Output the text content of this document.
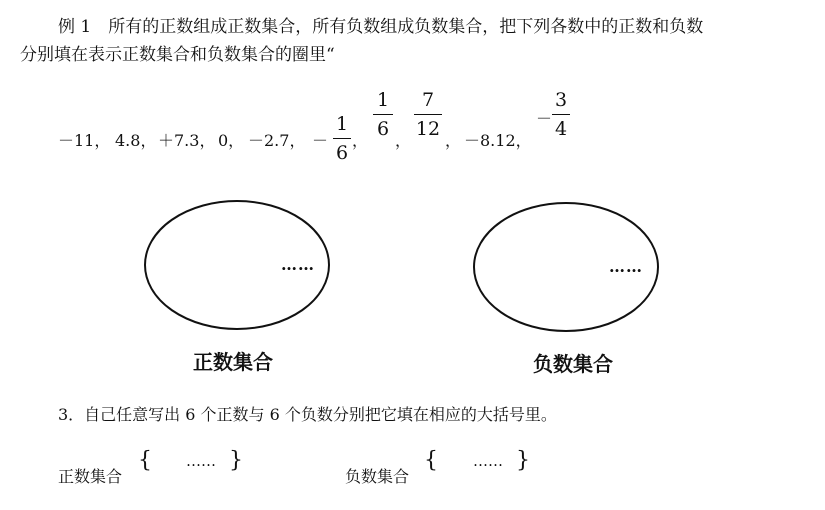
例 1　所有的正数组成正数集合，所有负数组成负数集合，把下列各数中的正数和负数
分别填在表示正数集合和负数集合的圈里“
－11， 4.8， ＋7.3， 0， －2.7， －
1
6
，
1
6
，
7
12
， －8.12，
－
3
4
……	……
正数集合	负数集合
3．自己任意写出 6 个正数与 6 个负数分别把它填在相应的大括号里。
正数集合
{ …… }
负数集合
{ …… }
